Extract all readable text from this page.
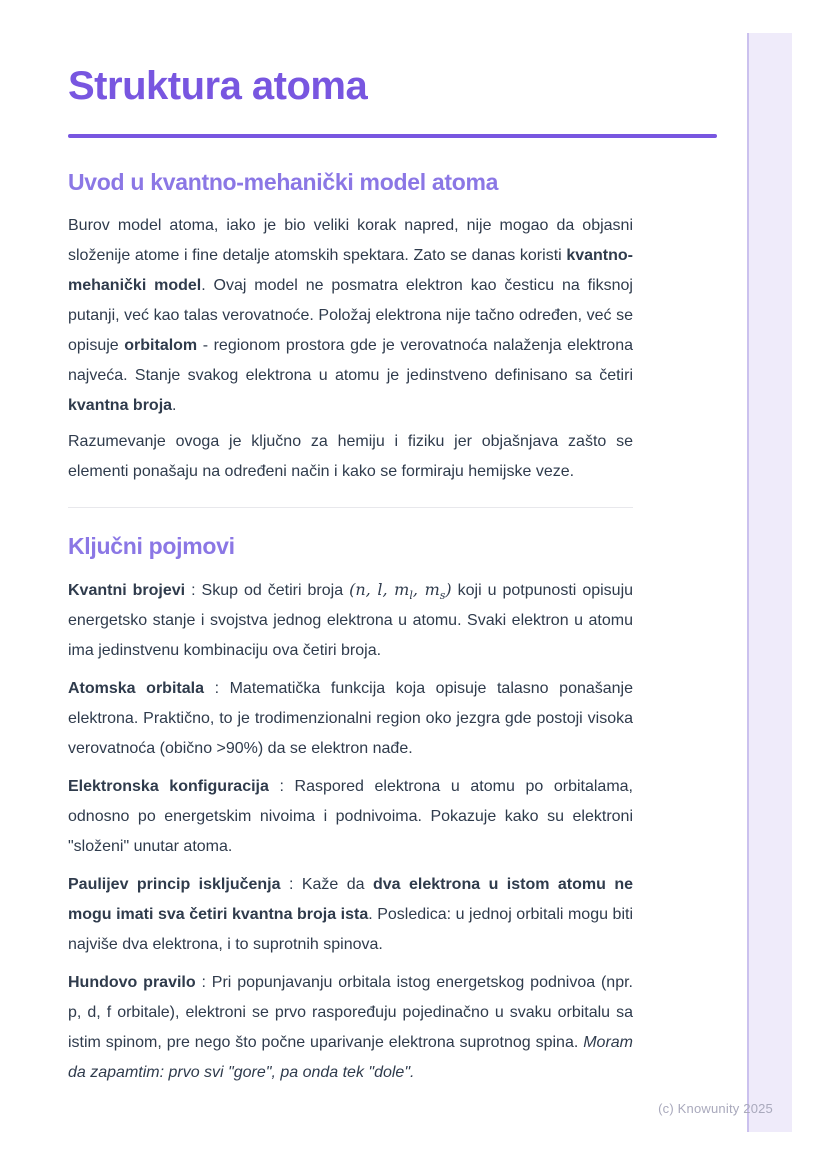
Struktura atoma
Uvod u kvantno-mehanički model atoma

Burov model atoma, iako je bio veliki korak napred, nije mogao da objasni složenije atome i fine detalje atomskih spektara. Zato se danas koristi kvantno-mehanički model. Ovaj model ne posmatra elektron kao česticu na fiksnoj putanji, već kao talas verovatnoće. Položaj elektrona nije tačno određen, već se opisuje orbitalom - regionom prostora gde je verovatnoća nalaženja elektrona najveća. Stanje svakog elektrona u atomu je jedinstveno definisano sa četiri kvantna broja.

Razumevanje ovoga je ključno za hemiju i fiziku jer objašnjava zašto se elementi ponašaju na određeni način i kako se formiraju hemijske veze.

Ključni pojmovi

Kvantni brojevi : Skup od četiri broja (n, l, $m_l$, $m_s$) koji u potpunosti opisuju energetsko stanje i svojstva jednog elektrona u atomu. Svaki elektron u atomu ima jedinstvenu kombinaciju ova četiri broja.

Atomska orbitala : Matematička funkcija koja opisuje talasno ponašanje elektrona. Praktično, to je trodimenzionalni region oko jezgra gde postoji visoka verovatnoća (obično >90%) da se elektron nađe.

Elektronska konfiguracija : Raspored elektrona u atomu po orbitalama, odnosno po energetskim nivoima i podnivoima. Pokazuje kako su elektroni "složeni" unutar atoma.

Paulijev princip isključenja : Kaže da dva elektrona u istom atomu ne mogu imati sva četiri kvantna broja ista. Posledica: u jednoj orbitali mogu biti najviše dva elektrona, i to suprotnih spinova.

Hundovo pravilo : Pri popunjavanju orbitala istog energetskog podnivoa (npr. p, d, f orbitale), elektroni se prvo raspoređuju pojedinačno u svaku orbitalu sa istim spinom, pre nego što počne uparivanje elektrona suprotnog spina. Moram da zapamtim: prvo svi "gore", pa onda tek "dole".

(c) Knowunity 2025
